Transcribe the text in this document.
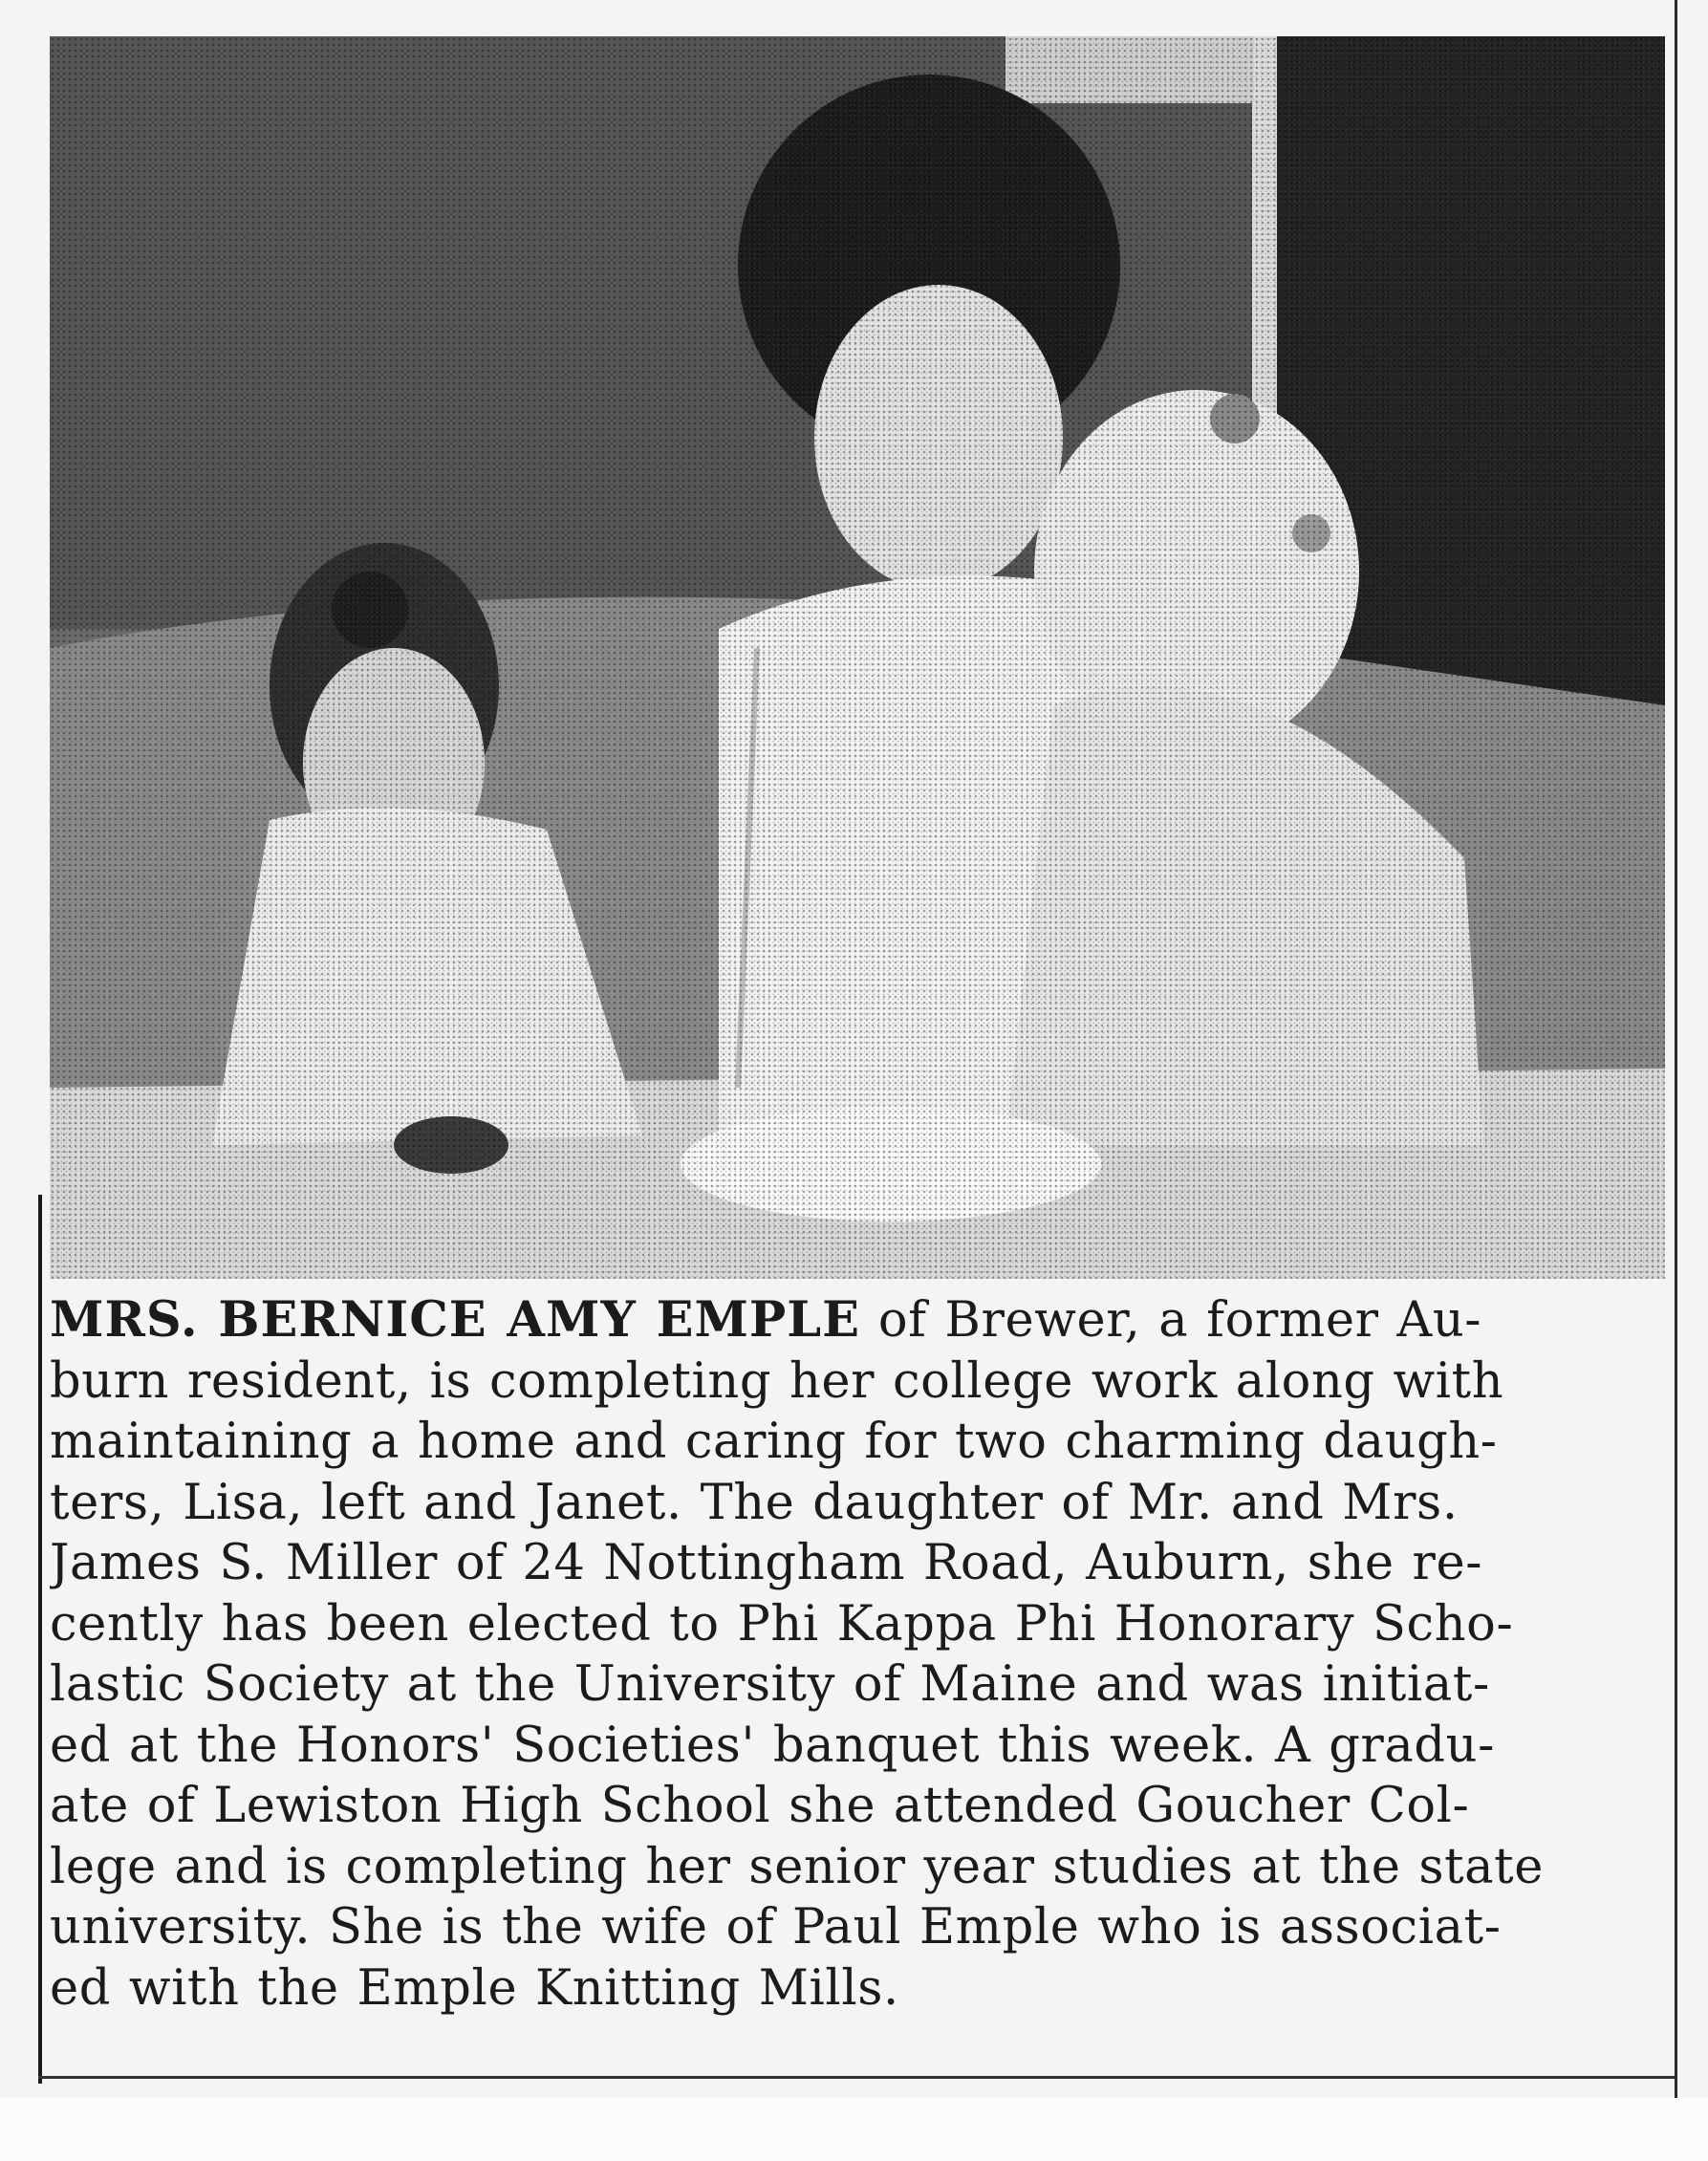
MRS. BERNICE AMY EMPLE of Brewer, a former Au-
burn resident, is completing her college work along with
maintaining a home and caring for two charming daugh-
ters, Lisa, left and Janet. The daughter of Mr. and Mrs.
James S. Miller of 24 Nottingham Road, Auburn, she re-
cently has been elected to Phi Kappa Phi Honorary Scho-
lastic Society at the University of Maine and was initiat-
ed at the Honors' Societies' banquet this week. A gradu-
ate of Lewiston High School she attended Goucher Col-
lege and is completing her senior year studies at the state
university. She is the wife of Paul Emple who is associat-
ed with the Emple Knitting Mills.
